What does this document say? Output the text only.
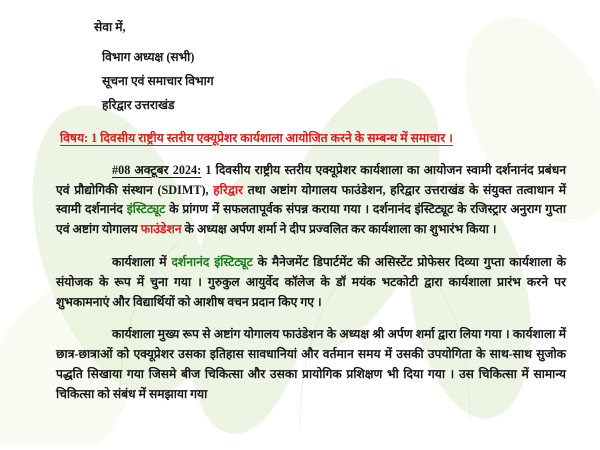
सेवा में,

विभाग अध्यक्ष (सभी)

सूचना एवं समाचार विभाग

हरिद्वार उत्तराखंड

विषय: 1 दिवसीय राष्ट्रीय स्तरीय एक्यूप्रेशर कार्यशाला आयोजित करने के सम्बन्ध में समाचार ।

#08 अक्टूबर 2024: 1 दिवसीय राष्ट्रीय स्तरीय एक्यूप्रेशर कार्यशाला का आयोजन स्वामी दर्शनानंद प्रबंधन एवं प्रौद्योगिकी संस्थान (SDIMT), हरिद्वार तथा अष्टांग योगालय फाउंडेशन, हरिद्वार उत्तराखंड के संयुक्त तत्वाधान में स्वामी दर्शनानंद इंस्टिट्यूट के प्रांगण में सफलतापूर्वक संपन्न कराया गया । दर्शनानंद इंस्टिट्यूट के रजिस्ट्रार अनुराग गुप्ता एवं अष्टांग योगालय फाउंडेशन के अध्यक्ष अर्पण शर्मा ने दीप प्रज्वलित कर कार्यशाला का शुभारंभ किया ।

कार्यशाला में दर्शनानंद इंस्टिट्यूट के मैनेजमेंट डिपार्टमेंट की असिस्टेंट प्रोफेसर दिव्या गुप्ता कार्यशाला के संयोजक के रूप में चुना गया । गुरुकुल आयुर्वेद कॉलेज के डॉ मयंक भटकोटी द्वारा कार्यशाला प्रारंभ करने पर शुभकामनाएं और विद्यार्थियों को आशीष वचन प्रदान किए गए ।

कार्यशाला मुख्य रूप से अष्टांग योगालय फाउंडेशन के अध्यक्ष श्री अर्पण शर्मा द्वारा लिया गया । कार्यशाला में छात्र-छात्राओं को एक्यूप्रेशर उसका इतिहास सावधानियां और वर्तमान समय में उसकी उपयोगिता के साथ-साथ सुजोक पद्धति सिखाया गया जिसमे बीज चिकित्सा और उसका प्रायोगिक प्रशिक्षण भी दिया गया । उस चिकित्सा में सामान्य चिकित्सा को संबंध में समझाया गया
